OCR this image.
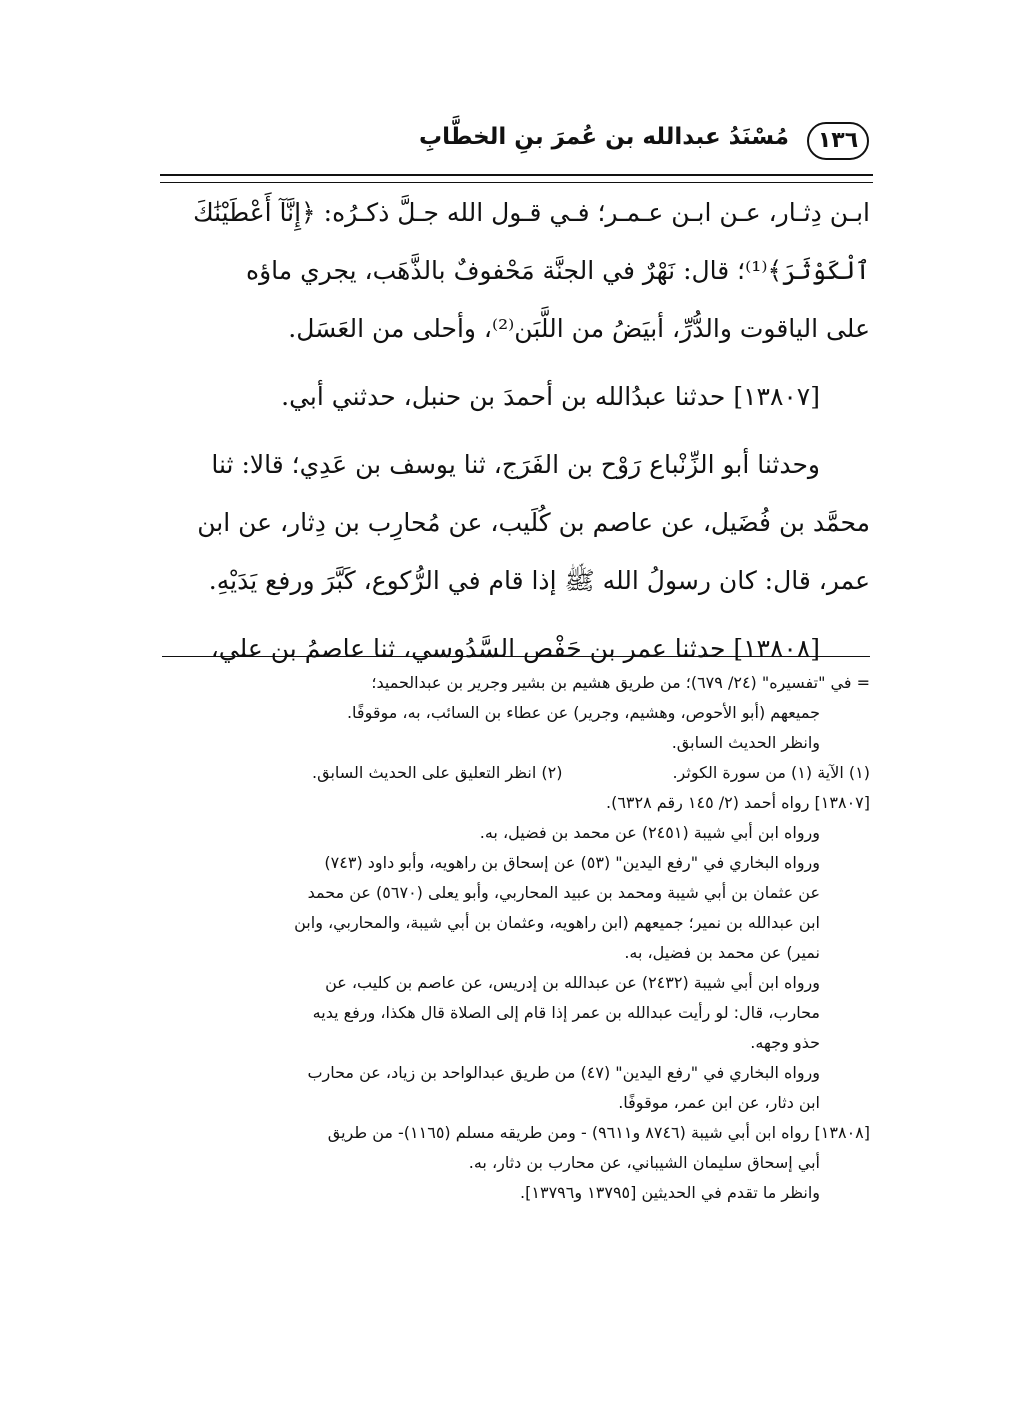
١٣٦
مُسْنَدُ عبدالله بن عُمرَ بنِ الخطَّابِ

ابـن دِثـار، عـن ابـن عـمـر؛ فـي قـول الله جـلَّ ذكـرُه: ﴿إِنَّآ أَعْطَيْنَٰكَ

ٱلْكَوْثَرَ﴾⁽¹⁾؛ قال: نَهْرٌ في الجنَّة مَحْفوفٌ بالذَّهَب، يجري ماؤه

على الياقوت والدُّرِّ، أبيَضُ من اللَّبَن⁽²⁾، وأحلى من العَسَل.

[١٣٨٠٧] حدثنا عبدُالله بن أحمدَ بن حنبل، حدثني أبي.

وحدثنا أبو الزِّنْباع رَوْح بن الفَرَج، ثنا يوسف بن عَدِي؛ قالا: ثنا

محمَّد بن فُضَيل، عن عاصم بن كُلَيب، عن مُحارِب بن دِثار، عن ابن

عمر، قال: كان رسولُ الله ﷺ إذا قام في الرُّكوع، كَبَّرَ ورفع يَدَيْهِ.

[١٣٨٠٨] حدثنا عمر بن حَفْص السَّدُوسي، ثنا عاصمُ بن علي،

= في "تفسيره" (٢٤/ ٦٧٩)؛ من طريق هشيم بن بشير وجرير بن عبدالحميد؛

جميعهم (أبو الأحوص، وهشيم، وجرير) عن عطاء بن السائب، به، موقوفًا.

وانظر الحديث السابق.

(١) الآية (١) من سورة الكوثر.

(٢) انظر التعليق على الحديث السابق.

[١٣٨٠٧] رواه أحمد (٢/ ١٤٥ رقم ٦٣٢٨).

ورواه ابن أبي شيبة (٢٤٥١) عن محمد بن فضيل، به.

ورواه البخاري في "رفع اليدين" (٥٣) عن إسحاق بن راهويه، وأبو داود (٧٤٣)

عن عثمان بن أبي شيبة ومحمد بن عبيد المحاربي، وأبو يعلى (٥٦٧٠) عن محمد

ابن عبدالله بن نمير؛ جميعهم (ابن راهويه، وعثمان بن أبي شيبة، والمحاربي، وابن

نمير) عن محمد بن فضيل، به.

ورواه ابن أبي شيبة (٢٤٣٢) عن عبدالله بن إدريس، عن عاصم بن كليب، عن

محارب، قال: لو رأيت عبدالله بن عمر إذا قام إلى الصلاة قال هكذا، ورفع يديه

حذو وجهه.

ورواه البخاري في "رفع اليدين" (٤٧) من طريق عبدالواحد بن زياد، عن محارب

ابن دثار، عن ابن عمر، موقوفًا.

[١٣٨٠٨] رواه ابن أبي شيبة (٨٧٤٦ و٩٦١١) - ومن طريقه مسلم (١١٦٥)- من طريق

أبي إسحاق سليمان الشيباني، عن محارب بن دثار، به.

وانظر ما تقدم في الحديثين [١٣٧٩٥ و١٣٧٩٦].
